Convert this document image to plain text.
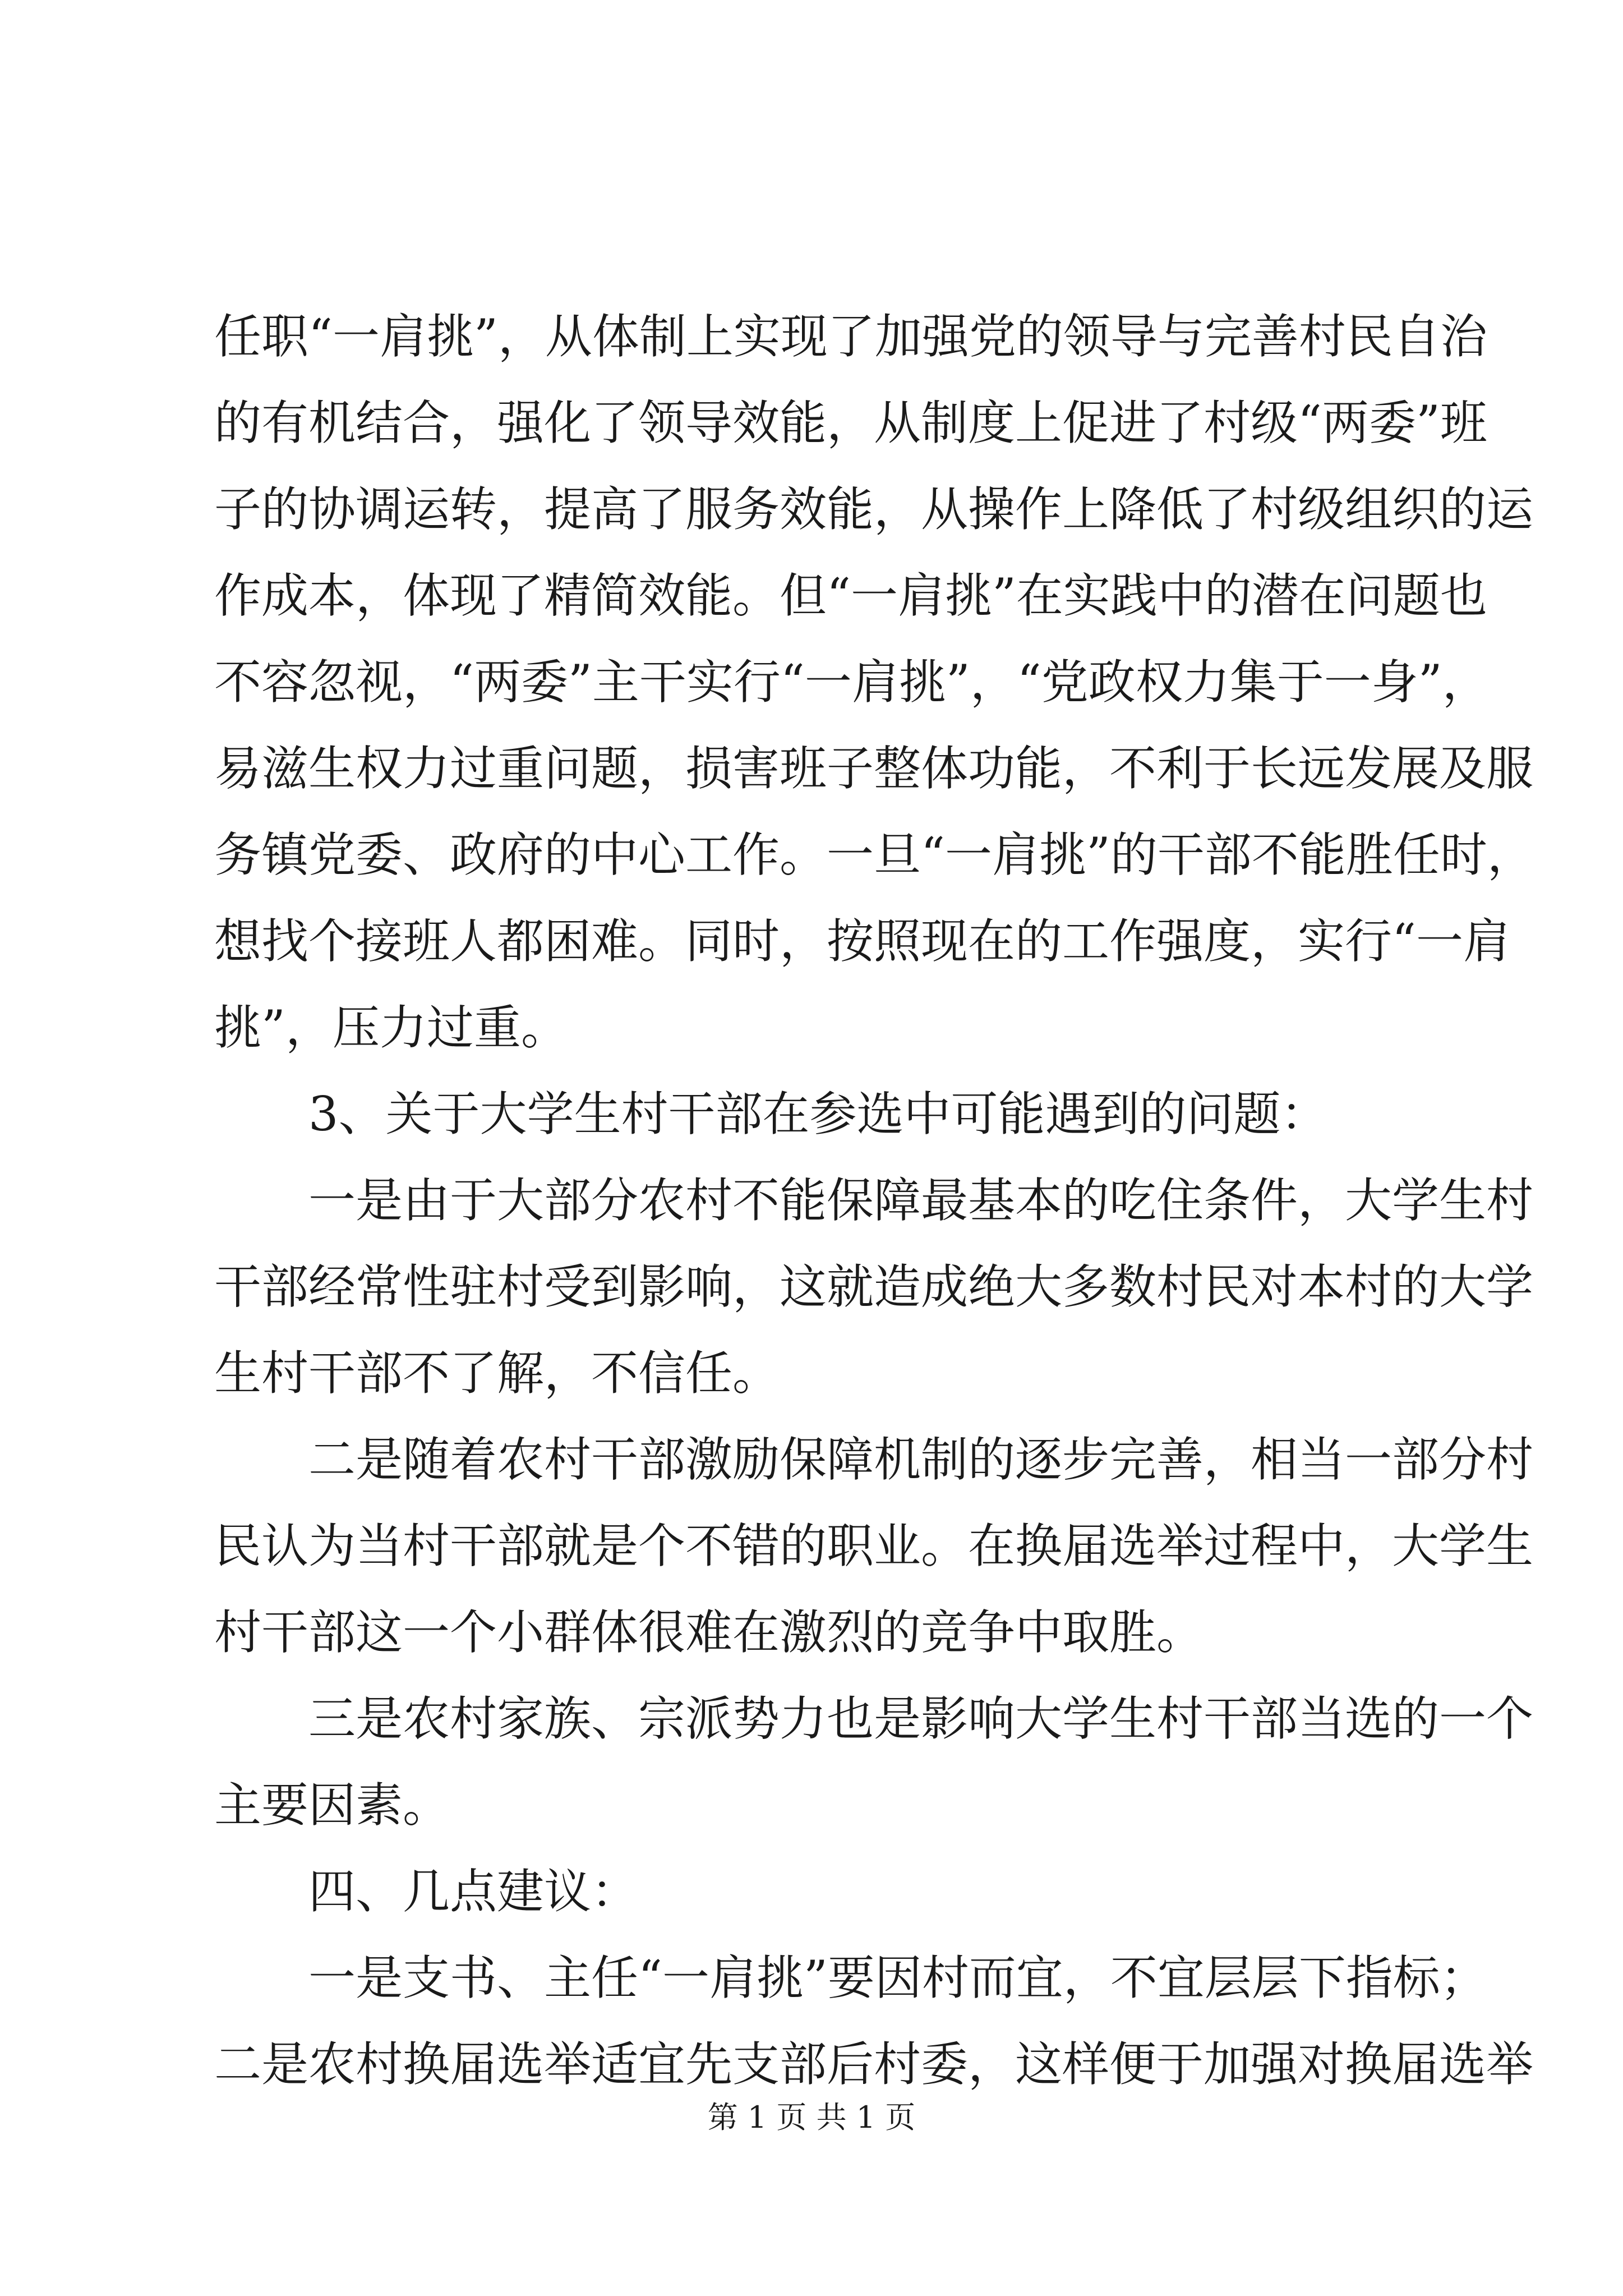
任职“一肩挑”，从体制上实现了加强党的领导与完善村民自治
的有机结合，强化了领导效能，从制度上促进了村级“两委”班
子的协调运转，提高了服务效能，从操作上降低了村级组织的运
作成本，体现了精简效能。但“一肩挑”在实践中的潜在问题也
不容忽视，“两委”主干实行“一肩挑”，“党政权力集于一身”，
易滋生权力过重问题，损害班子整体功能，不利于长远发展及服
务镇党委、政府的中心工作。一旦“一肩挑”的干部不能胜任时，
想找个接班人都困难。同时，按照现在的工作强度，实行“一肩
挑”，压力过重。
3、关于大学生村干部在参选中可能遇到的问题：
一是由于大部分农村不能保障最基本的吃住条件，大学生村
干部经常性驻村受到影响，这就造成绝大多数村民对本村的大学
生村干部不了解，不信任。
二是随着农村干部激励保障机制的逐步完善，相当一部分村
民认为当村干部就是个不错的职业。在换届选举过程中，大学生
村干部这一个小群体很难在激烈的竞争中取胜。
三是农村家族、宗派势力也是影响大学生村干部当选的一个
主要因素。
四、几点建议：
一是支书、主任“一肩挑”要因村而宜，不宜层层下指标；
二是农村换届选举适宜先支部后村委，这样便于加强对换届选举
第 1 页 共 1 页
